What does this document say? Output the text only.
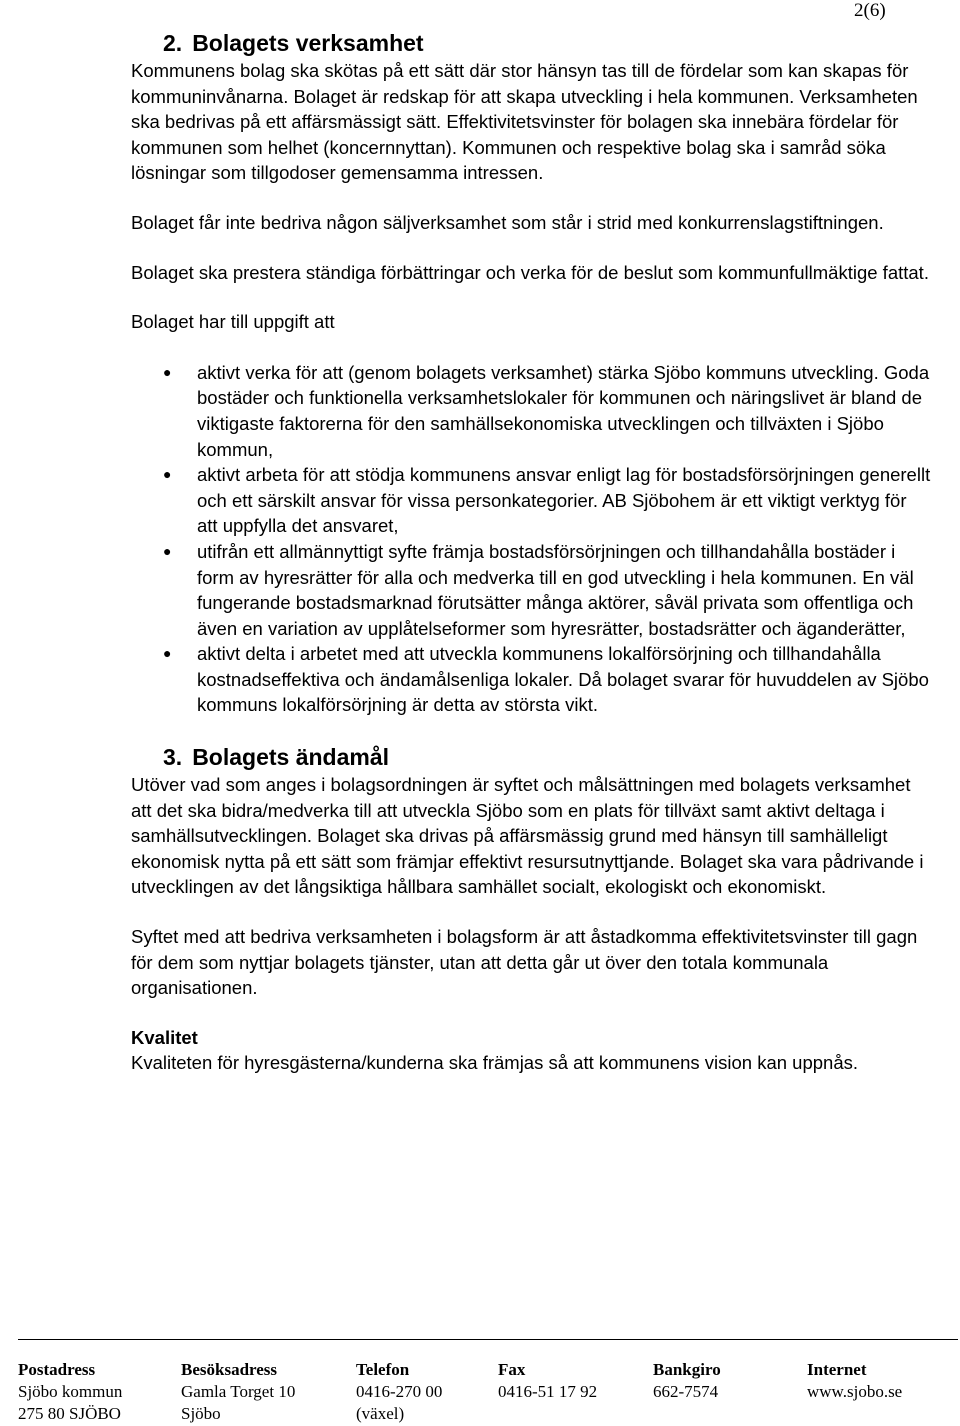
2(6)
2. Bolagets verksamhet

Kommunens bolag ska skötas på ett sätt där stor hänsyn tas till de fördelar som kan skapas för kommuninvånarna. Bolaget är redskap för att skapa utveckling i hela kommunen. Verksamheten ska bedrivas på ett affärsmässigt sätt. Effektivitetsvinster för bolagen ska innebära fördelar för kommunen som helhet (koncernnyttan). Kommunen och respektive bolag ska i samråd söka lösningar som tillgodoser gemensamma intressen.

Bolaget får inte bedriva någon säljverksamhet som står i strid med konkurrenslagstiftningen.

Bolaget ska prestera ständiga förbättringar och verka för de beslut som kommunfullmäktige fattat.

Bolaget har till uppgift att

● aktivt verka för att (genom bolagets verksamhet) stärka Sjöbo kommuns utveckling. Goda bostäder och funktionella verksamhetslokaler för kommunen och näringslivet är bland de viktigaste faktorerna för den samhällsekonomiska utvecklingen och tillväxten i Sjöbo kommun,
● aktivt arbeta för att stödja kommunens ansvar enligt lag för bostadsförsörjningen generellt och ett särskilt ansvar för vissa personkategorier. AB Sjöbohem är ett viktigt verktyg för att uppfylla det ansvaret,
● utifrån ett allmännyttigt syfte främja bostadsförsörjningen och tillhandahålla bostäder i form av hyresrätter för alla och medverka till en god utveckling i hela kommunen. En väl fungerande bostadsmarknad förutsätter många aktörer, såväl privata som offentliga och även en variation av upplåtelseformer som hyresrätter, bostadsrätter och äganderätter,
● aktivt delta i arbetet med att utveckla kommunens lokalförsörjning och tillhandahålla kostnadseffektiva och ändamålsenliga lokaler. Då bolaget svarar för huvuddelen av Sjöbo kommuns lokalförsörjning är detta av största vikt.
3. Bolagets ändamål

Utöver vad som anges i bolagsordningen är syftet och målsättningen med bolagets verksamhet att det ska bidra/medverka till att utveckla Sjöbo som en plats för tillväxt samt aktivt deltaga i samhällsutvecklingen. Bolaget ska drivas på affärsmässig grund med hänsyn till samhälleligt ekonomisk nytta på ett sätt som främjar effektivt resursutnyttjande. Bolaget ska vara pådrivande i utvecklingen av det långsiktiga hållbara samhället socialt, ekologiskt och ekonomiskt.

Syftet med att bedriva verksamheten i bolagsform är att åstadkomma effektivitetsvinster till gagn för dem som nyttjar bolagets tjänster, utan att detta går ut över den totala kommunala organisationen.

Kvalitet

Kvaliteten för hyresgästerna/kunderna ska främjas så att kommunens vision kan uppnås.

Postadress
Sjöbo kommun
275 80 SJÖBO
Besöksadress
Gamla Torget 10
Sjöbo
Telefon
0416-270 00
(växel)
Fax
0416-51 17 92
Bankgiro
662-7574
Internet
www.sjobo.se
